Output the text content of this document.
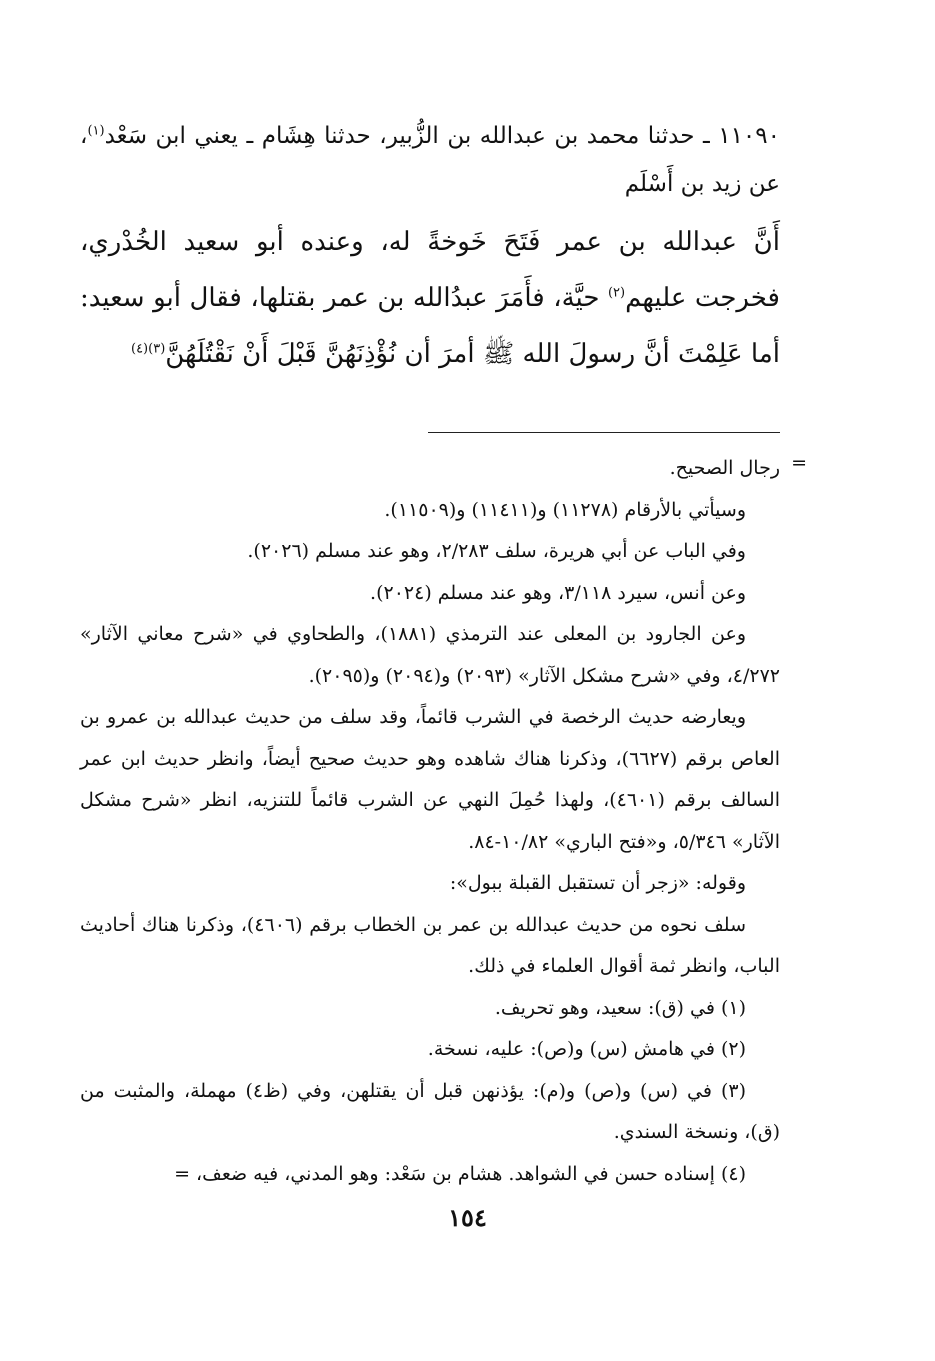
١١٠٩٠ ـ حدثنا محمد بن عبدالله بن الزُّبير، حدثنا هِشَام ـ يعني ابن سَعْد$^{(١)}$، عن زيد بن أَسْلَم

أَنَّ عبدالله بن عمر فَتَحَ خَوخةً له، وعنده أبو سعيد الخُدْري، فخرجت عليهم$^{(٢)}$ حيَّة، فأَمَرَ عبدُالله بن عمر بقتلها، فقال أبو سعيد: أما عَلِمْتَ أنَّ رسولَ الله ﷺ أمرَ أن نُؤْذِنَهُنَّ قَبْلَ أَنْ نَقْتُلَهُنَّ$^{(٣)(٤)}$

=

رجال الصحيح.

وسيأتي بالأرقام (١١٢٧٨) و(١١٤١١) و(١١٥٠٩).

وفي الباب عن أبي هريرة، سلف ٢/٢٨٣، وهو عند مسلم (٢٠٢٦).

وعن أنس، سيرد ٣/١١٨، وهو عند مسلم (٢٠٢٤).

وعن الجارود بن المعلى عند الترمذي (١٨٨١)، والطحاوي في «شرح معاني الآثار» ٤/٢٧٢، وفي «شرح مشكل الآثار» (٢٠٩٣) و(٢٠٩٤) و(٢٠٩٥).

ويعارضه حديث الرخصة في الشرب قائماً، وقد سلف من حديث عبدالله بن عمرو بن العاص برقم (٦٦٢٧)، وذكرنا هناك شاهده وهو حديث صحيح أيضاً، وانظر حديث ابن عمر السالف برقم (٤٦٠١)، ولهذا حُمِلَ النهي عن الشرب قائماً للتنزيه، انظر «شرح مشكل الآثار» ٥/٣٤٦، و«فتح الباري» ١٠/٨٢-٨٤.

وقوله: «زجر أن تستقبل القبلة ببول»:

سلف نحوه من حديث عبدالله بن عمر بن الخطاب برقم (٤٦٠٦)، وذكرنا هناك أحاديث الباب، وانظر ثمة أقوال العلماء في ذلك.

(١) في (ق): سعيد، وهو تحريف.

(٢) في هامش (س) و(ص): عليه، نسخة.

(٣) في (س) و(ص) و(م): يؤذنهن قبل أن يقتلهن، وفي (ظ٤) مهملة، والمثبت من (ق)، ونسخة السندي.

(٤) إسناده حسن في الشواهد. هشام بن سَعْد: وهو المدني، فيه ضعف، =

١٥٤
